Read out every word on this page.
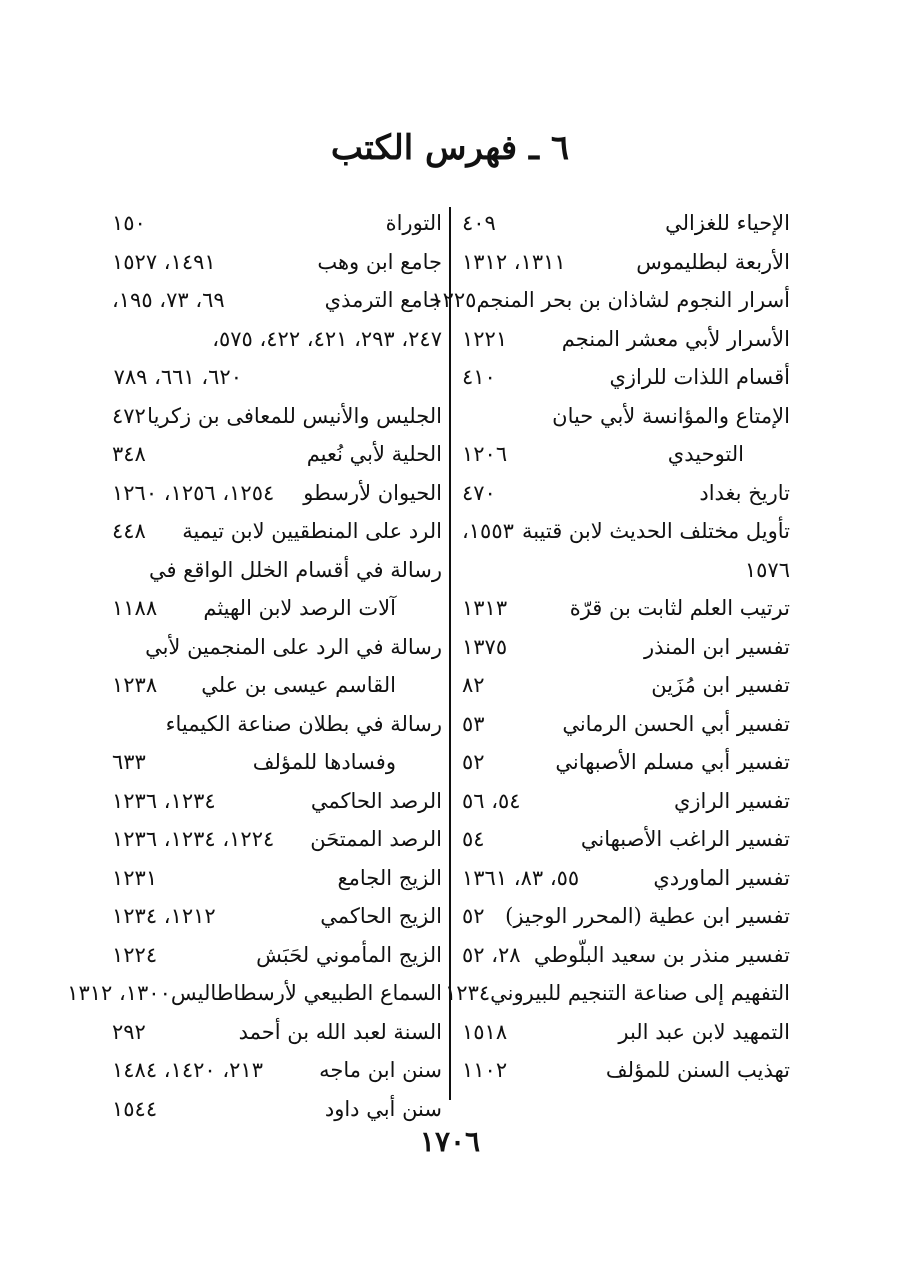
٦ ـ فهرس الكتب
الإحياء للغزالي
٤٠٩
الأربعة لبطليموس
١٣١١، ١٣١٢
أسرار النجوم لشاذان بن بحر المنجم
١٢٢٥
الأسرار لأبي معشر المنجم
١٢٢١
أقسام اللذات للرازي
٤١٠
الإمتاع والمؤانسة لأبي حيان
التوحيدي
١٢٠٦
تاريخ بغداد
٤٧٠
تأويل مختلف الحديث لابن قتيبة
١٥٥٣،
١٥٧٦
ترتيب العلم لثابت بن قرّة
١٣١٣
تفسير ابن المنذر
١٣٧٥
تفسير ابن مُزَين
٨٢
تفسير أبي الحسن الرماني
٥٣
تفسير أبي مسلم الأصبهاني
٥٢
تفسير الرازي
٥٤، ٥٦
تفسير الراغب الأصبهاني
٥٤
تفسير الماوردي
٥٥، ٨٣، ١٣٦١
تفسير ابن عطية (المحرر الوجيز)
٥٢
تفسير منذر بن سعيد البلّوطي
٢٨، ٥٢
التفهيم إلى صناعة التنجيم للبيروني
١٢٣٤
التمهيد لابن عبد البر
١٥١٨
تهذيب السنن للمؤلف
١١٠٢
التوراة
١٥٠
جامع ابن وهب
١٤٩١، ١٥٢٧
جامع الترمذي
٦٩، ٧٣، ١٩٥،
٢٤٧، ٢٩٣، ٤٢١، ٤٢٢، ٥٧٥،
٦٢٠، ٦٦١، ٧٨٩
الجليس والأنيس للمعافى بن زكريا
٤٧٢
الحلية لأبي نُعيم
٣٤٨
الحيوان لأرسطو
١٢٥٤، ١٢٥٦، ١٢٦٠
الرد على المنطقيين لابن تيمية
٤٤٨
رسالة في أقسام الخلل الواقع في
آلات الرصد لابن الهيثم
١١٨٨
رسالة في الرد على المنجمين لأبي
القاسم عيسى بن علي
١٢٣٨
رسالة في بطلان صناعة الكيمياء
وفسادها للمؤلف
٦٣٣
الرصد الحاكمي
١٢٣٤، ١٢٣٦
الرصد الممتحَن
١٢٢٤، ١٢٣٤، ١٢٣٦
الزيج الجامع
١٢٣١
الزيج الحاكمي
١٢١٢، ١٢٣٤
الزيج المأموني لحَبَش
١٢٢٤
السماع الطبيعي لأرسطاطاليس
١٣٠٠، ١٣١٢
السنة لعبد الله بن أحمد
٢٩٢
سنن ابن ماجه
٢١٣، ١٤٢٠، ١٤٨٤
سنن أبي داود
١٥٤٤
١٧٠٦
